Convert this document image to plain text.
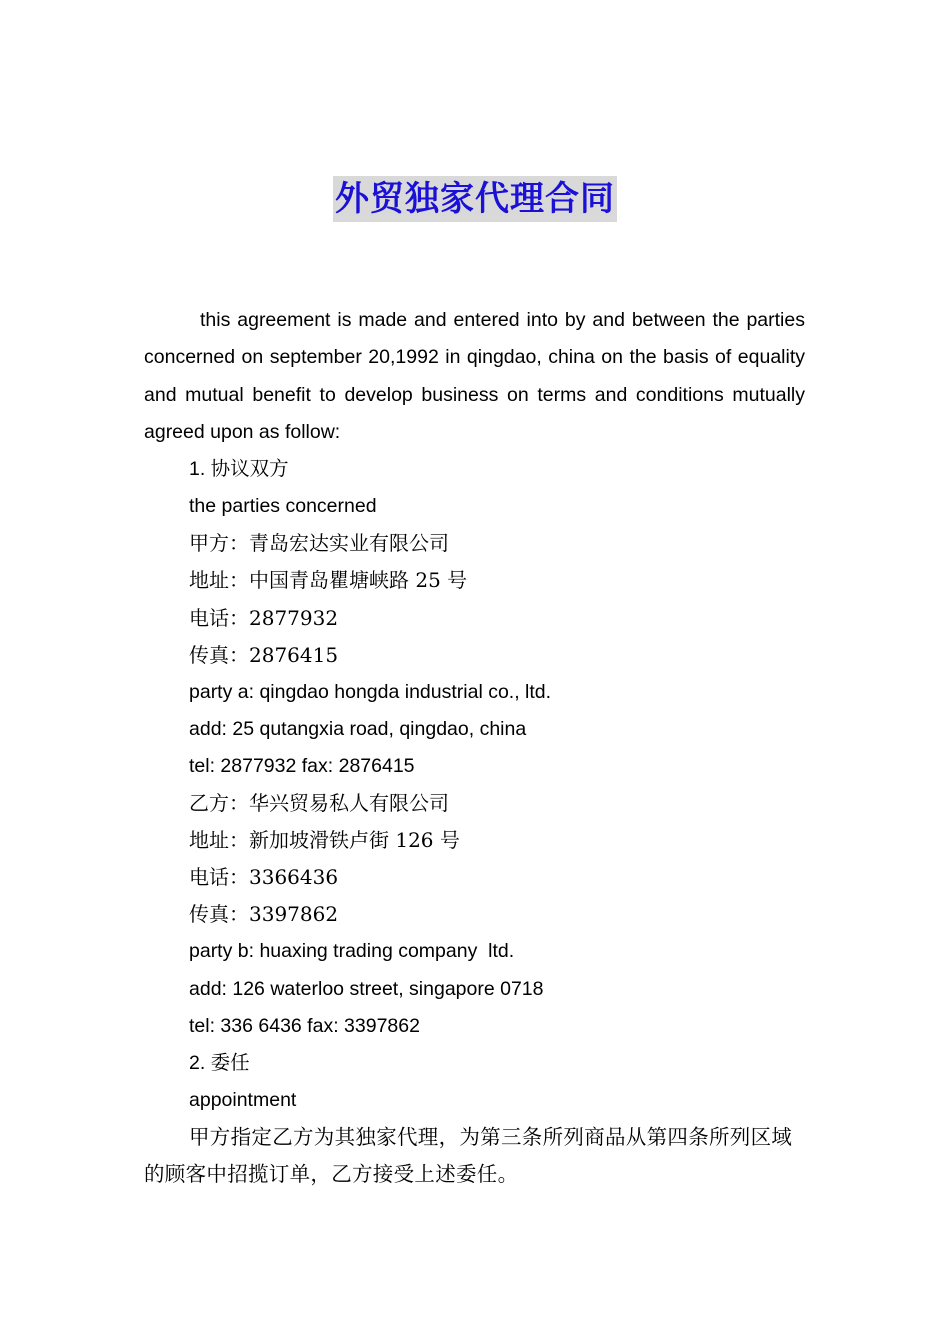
外贸独家代理合同

this agreement is made and entered into by and between the parties concerned on september 20,1992 in qingdao, china on the basis of equality and mutual benefit to develop business on terms and conditions mutually agreed upon as follow:

1. 协议双方

the parties concerned

甲方：青岛宏达实业有限公司

地址：中国青岛瞿塘峡路 25 号

电话：2877932

传真：2876415

party a: qingdao hongda industrial co., ltd.

add: 25 qutangxia road, qingdao, china

tel: 2877932 fax: 2876415

乙方：华兴贸易私人有限公司

地址：新加坡滑铁卢街 126 号

电话：3366436

传真：3397862

party b: huaxing trading company  ltd.

add: 126 waterloo street, singapore 0718

tel: 336 6436 fax: 3397862

2. 委任

appointment

甲方指定乙方为其独家代理，为第三条所列商品从第四条所列区域的顾客中招揽订单，乙方接受上述委任。
